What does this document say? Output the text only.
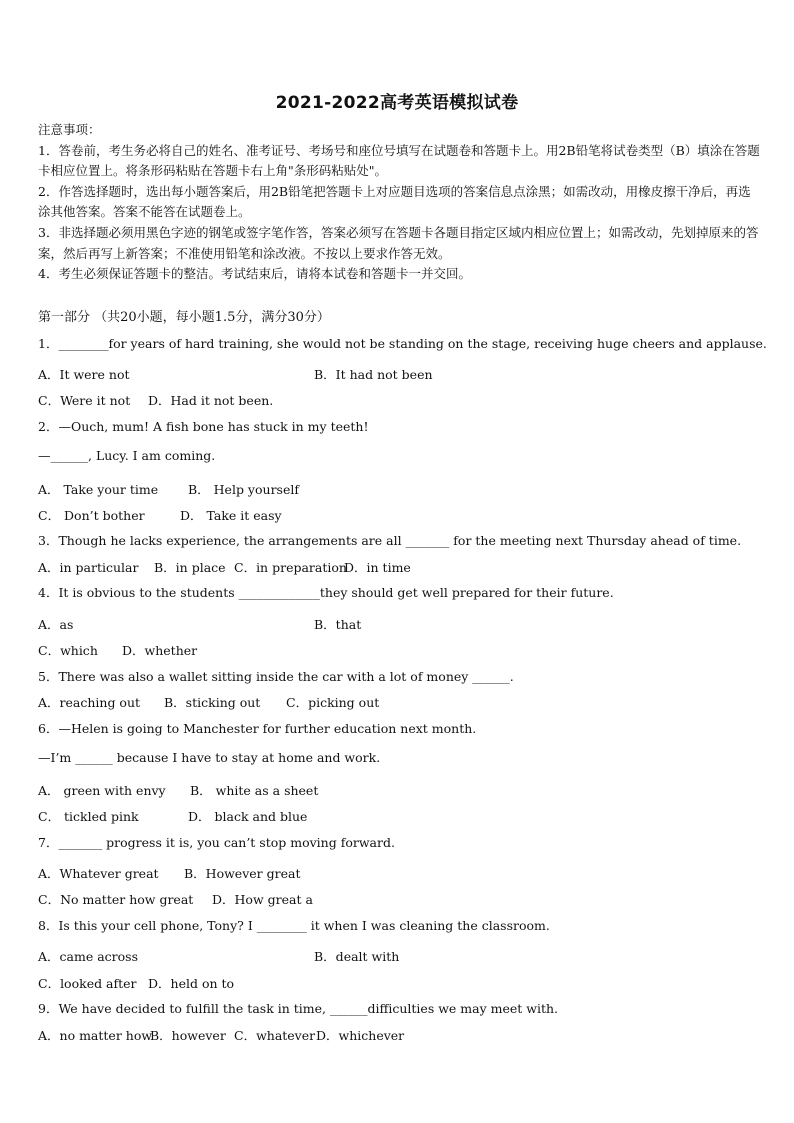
2021-2022高考英语模拟试卷

注意事项：

1．答卷前，考生务必将自己的姓名、准考证号、考场号和座位号填写在试题卷和答题卡上。用2B铅笔将试卷类型（B）填涂在答题卡相应位置上。将条形码粘贴在答题卡右上角"条形码粘贴处"。

2．作答选择题时，选出每小题答案后，用2B铅笔把答题卡上对应题目选项的答案信息点涂黑；如需改动，用橡皮擦干净后，再选涂其他答案。答案不能答在试题卷上。

3．非选择题必须用黑色字迹的钢笔或签字笔作答，答案必须写在答题卡各题目指定区域内相应位置上；如需改动，先划掉原来的答案，然后再写上新答案；不准使用铅笔和涂改液。不按以上要求作答无效。

4．考生必须保证答题卡的整洁。考试结束后，请将本试卷和答题卡一并交回。

第一部分 （共20小题，每小题1.5分，满分30分）
1．________for years of hard training, she would not be standing on the stage, receiving huge cheers and applause.
A．It were not	B．It had not been
C．Were it not D．Had it not been.
2．—Ouch, mum! A fish bone has stuck in my teeth!
—______, Lucy. I am coming.
A． Take your time B． Help yourself
C． Don’t bother	D． Take it easy
3．Though he lacks experience, the arrangements are all _______ for the meeting next Thursday ahead of time.
A．in particular B．in place C．in preparation
D．in time
4．It is obvious to the students _____________they should get well prepared for their future.
A．as	B．that
C．which D．whether
5．There was also a wallet sitting inside the car with a lot of money ______.
A．reaching out B．sticking out C．picking out
6．—Helen is going to Manchester for further education next month.
—I’m ______ because I have to stay at home and work.
A． green with envy B． white as a sheet
C． tickled pink	D． black and blue
7．_______ progress it is, you can’t stop moving forward.
A．Whatever great B．However great
C．No matter how great D．How great a
8．Is this your cell phone, Tony? I ________ it when I was cleaning the classroom.
A．came across	B．dealt with
C．looked after D．held on to
9．We have decided to fulfill the task in time, ______difficulties we may meet with.
A．no matter how
B．however C．whatever D．whichever
